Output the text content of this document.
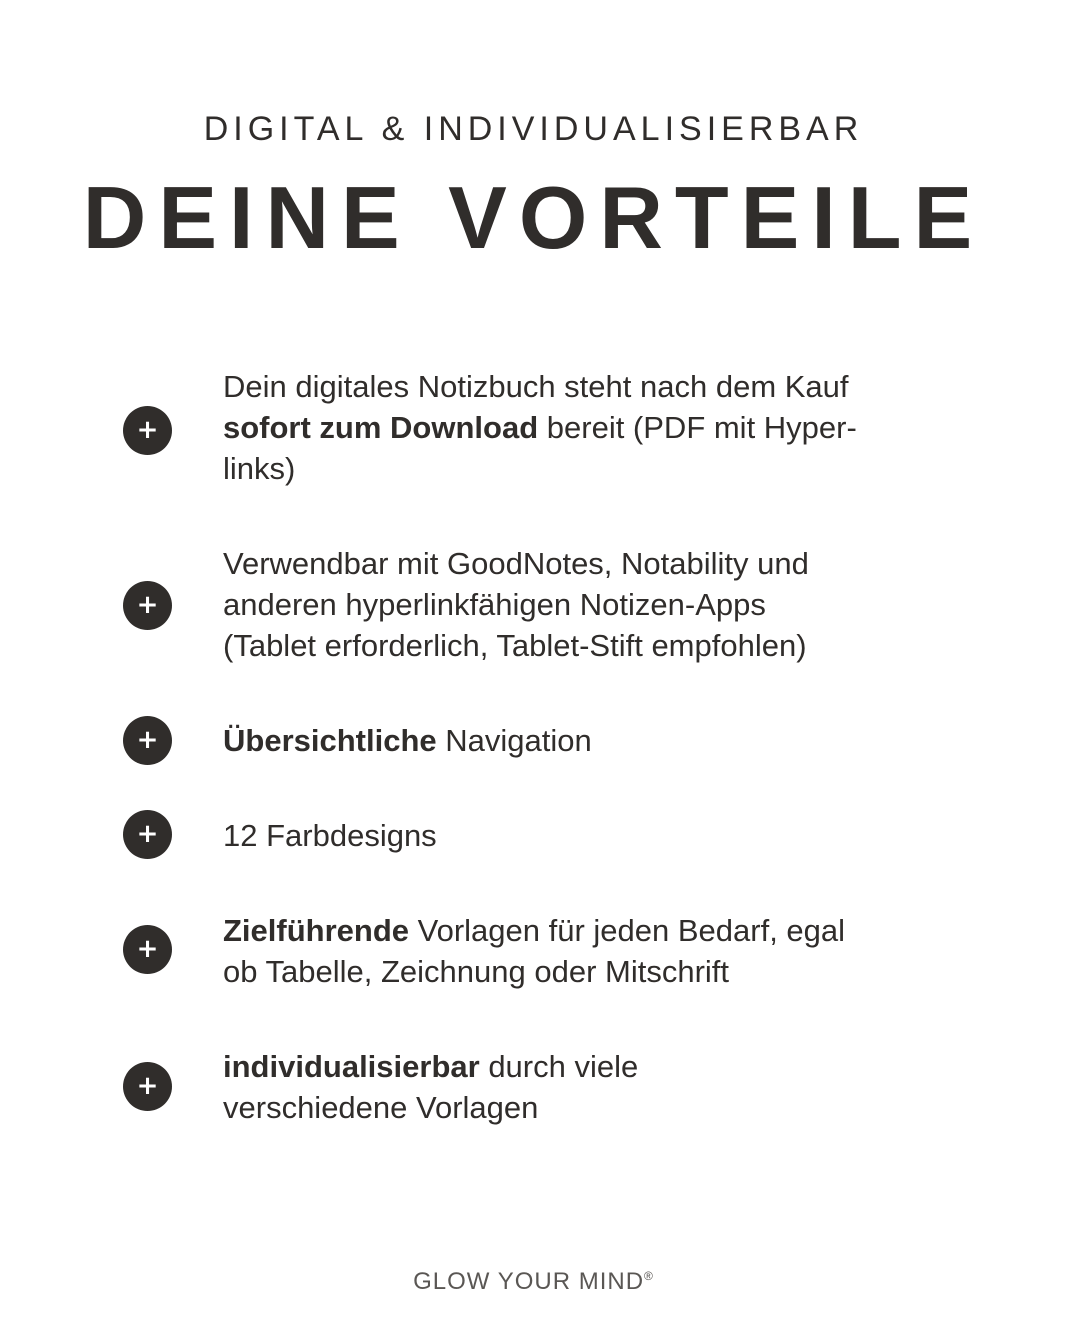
DIGITAL & INDIVIDUALISIERBAR
DEINE VORTEILE
+
Dein digitales Notizbuch steht nach dem Kauf
sofort zum Download bereit (PDF mit Hyper-
links)
+
Verwendbar mit GoodNotes, Notability und
anderen hyperlinkfähigen Notizen-Apps
(Tablet erforderlich, Tablet-Stift empfohlen)
+	Übersichtliche Navigation
+	12 Farbdesigns
+
Zielführende Vorlagen für jeden Bedarf, egal
ob Tabelle, Zeichnung oder Mitschrift
+
individualisierbar durch viele
verschiedene Vorlagen
GLOW YOUR MIND®
